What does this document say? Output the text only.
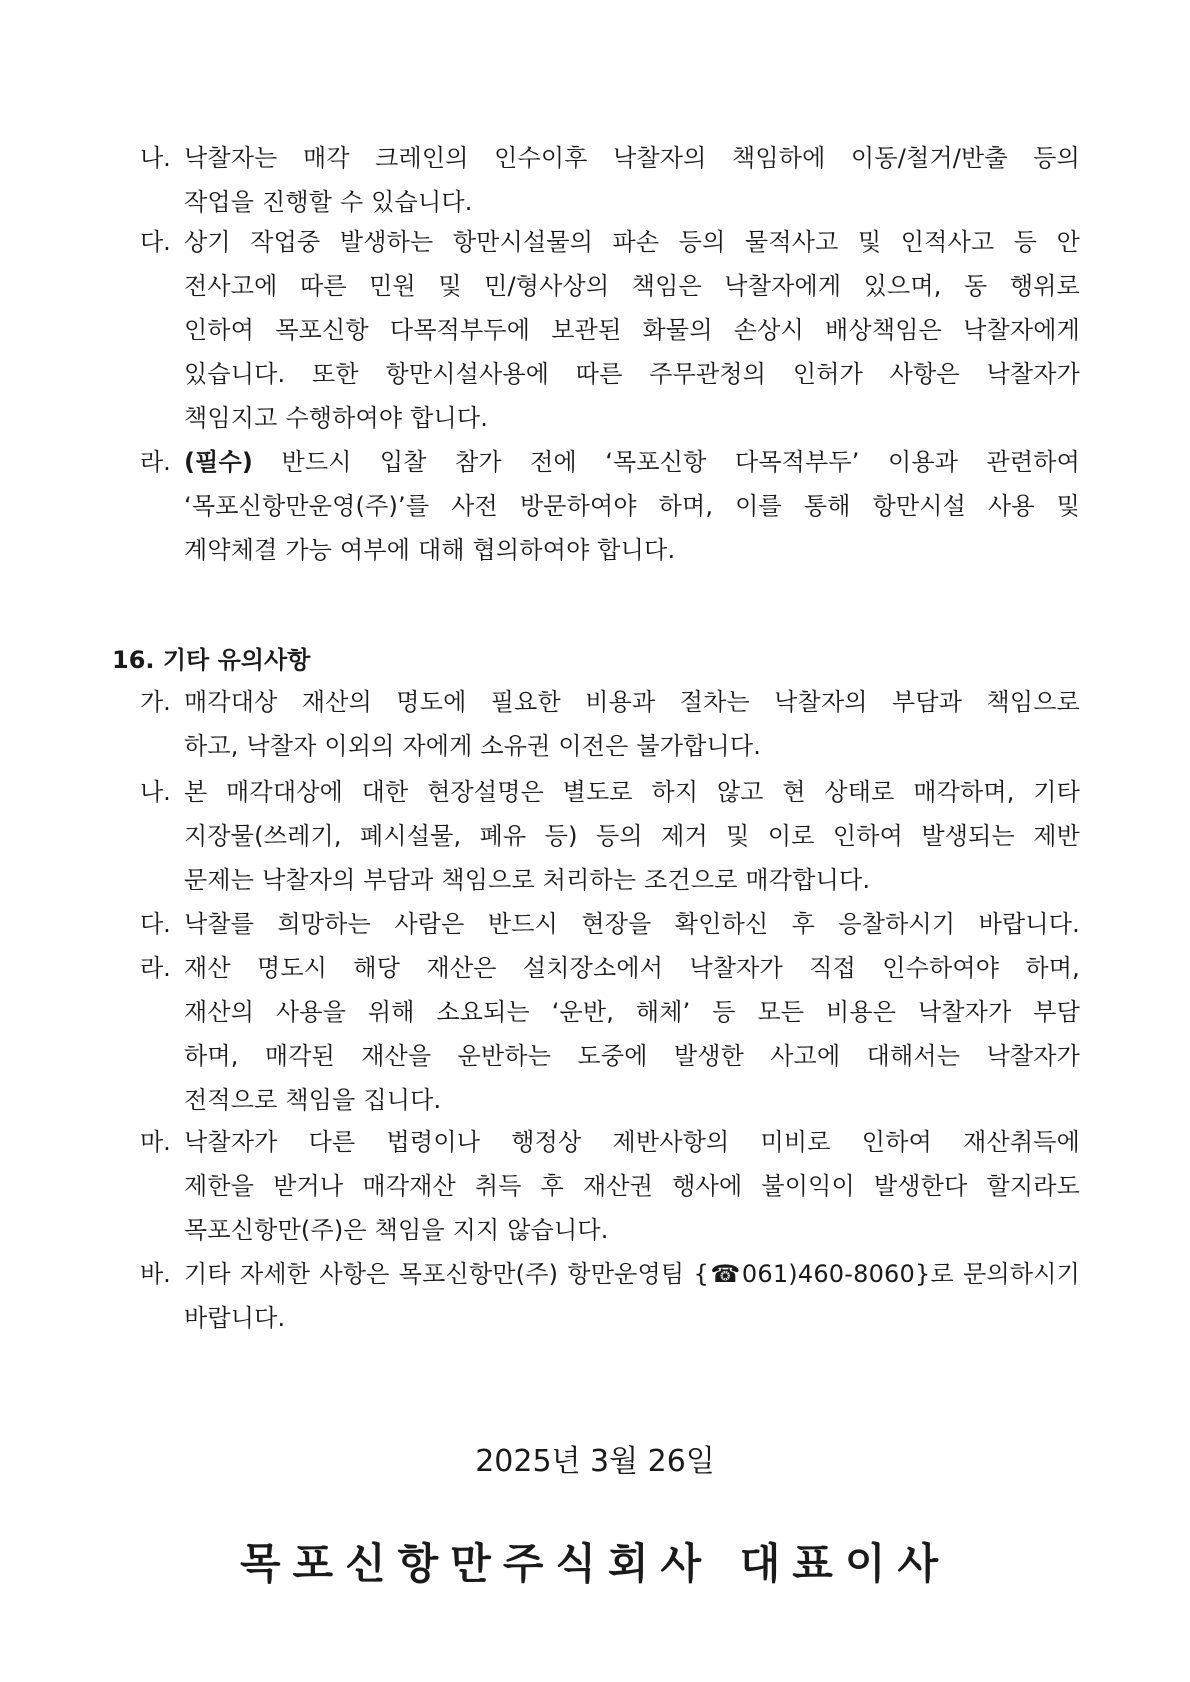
나. 낙찰자는 매각 크레인의 인수이후 낙찰자의 책임하에 이동/철거/반출 등의
작업을 진행할 수 있습니다.
다. 상기 작업중 발생하는 항만시설물의 파손 등의 물적사고 및 인적사고 등 안
전사고에 따른 민원 및 민/형사상의 책임은 낙찰자에게 있으며, 동 행위로
인하여 목포신항 다목적부두에 보관된 화물의 손상시 배상책임은 낙찰자에게
있습니다. 또한 항만시설사용에 따른 주무관청의 인허가 사항은 낙찰자가
책임지고 수행하여야 합니다.
라. (필수) 반드시 입찰 참가 전에 ‘목포신항 다목적부두’ 이용과 관련하여
‘목포신항만운영(주)’를 사전 방문하여야 하며, 이를 통해 항만시설 사용 및
계약체결 가능 여부에 대해 협의하여야 합니다.
16. 기타 유의사항
가. 매각대상 재산의 명도에 필요한 비용과 절차는 낙찰자의 부담과 책임으로
하고, 낙찰자 이외의 자에게 소유권 이전은 불가합니다.
나. 본 매각대상에 대한 현장설명은 별도로 하지 않고 현 상태로 매각하며, 기타
지장물(쓰레기, 폐시설물, 폐유 등) 등의 제거 및 이로 인하여 발생되는 제반
문제는 낙찰자의 부담과 책임으로 처리하는 조건으로 매각합니다.
다. 낙찰를 희망하는 사람은 반드시 현장을 확인하신 후 응찰하시기 바랍니다.
라. 재산 명도시 해당 재산은 설치장소에서 낙찰자가 직접 인수하여야 하며,
재산의 사용을 위해 소요되는 ‘운반, 해체’ 등 모든 비용은 낙찰자가 부담
하며, 매각된 재산을 운반하는 도중에 발생한 사고에 대해서는 낙찰자가
전적으로 책임을 집니다.
마. 낙찰자가 다른 법령이나 행정상 제반사항의 미비로 인하여 재산취득에
제한을 받거나 매각재산 취득 후 재산권 행사에 불이익이 발생한다 할지라도
목포신항만(주)은 책임을 지지 않습니다.
바. 기타 자세한 사항은 목포신항만(주) 항만운영팀 {☎061)460-8060}로 문의하시기
바랍니다.
2025년 3월 26일
목포신항만주식회사 대표이사
